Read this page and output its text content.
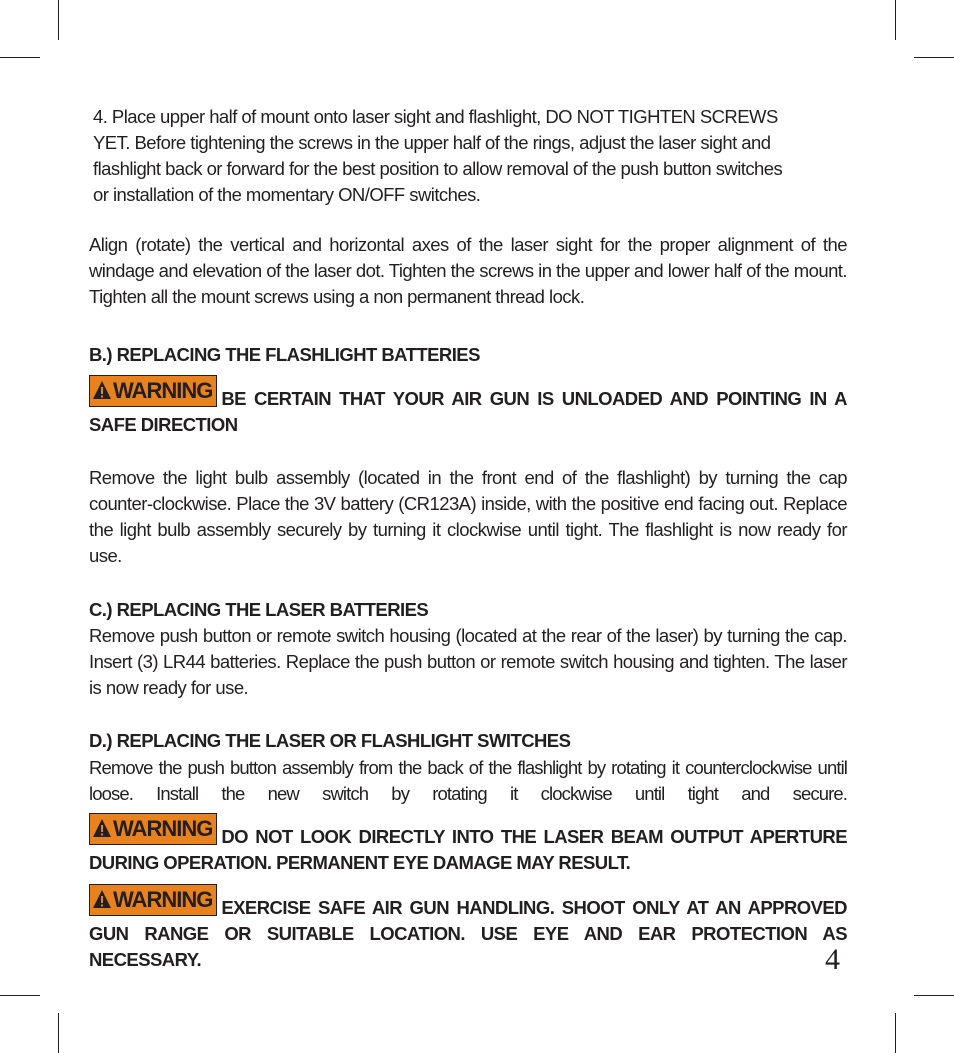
4. Place upper half of mount onto laser sight and flashlight, DO NOT TIGHTEN SCREWS
YET. Before tightening the screws in the upper half of the rings, adjust the laser sight and
flashlight back or forward for the best position to allow removal of the push button switches
or installation of the momentary ON/OFF switches.
Align (rotate) the vertical and horizontal axes of the laser sight for the proper alignment of the windage and elevation of the laser dot. Tighten the screws in the upper and lower half of the mount. Tighten all the mount screws using a non permanent thread lock.
B.) REPLACING THE FLASHLIGHT BATTERIES
WARNING BE CERTAIN THAT YOUR AIR GUN IS UNLOADED AND POINTING IN A SAFE DIRECTION
Remove the light bulb assembly (located in the front end of the flashlight) by turning the cap counter-clockwise. Place the 3V battery (CR123A) inside, with the positive end facing out. Replace the light bulb assembly securely by turning it clockwise until tight. The flashlight is now ready for use.
C.) REPLACING THE LASER BATTERIES
Remove push button or remote switch housing (located at the rear of the laser) by turning the cap. Insert (3) LR44 batteries. Replace the push button or remote switch housing and tighten. The laser is now ready for use.
D.) REPLACING THE LASER OR FLASHLIGHT SWITCHES
Remove the push button assembly from the back of the flashlight by rotating it counterclockwise until loose. Install the new switch by rotating it clockwise until tight and secure.
WARNING DO NOT LOOK DIRECTLY INTO THE LASER BEAM OUTPUT APERTURE DURING OPERATION. PERMANENT EYE DAMAGE MAY RESULT.
WARNING EXERCISE SAFE AIR GUN HANDLING. SHOOT ONLY AT AN APPROVED GUN RANGE OR SUITABLE LOCATION. USE EYE AND EAR PROTECTION AS NECESSARY.	4
